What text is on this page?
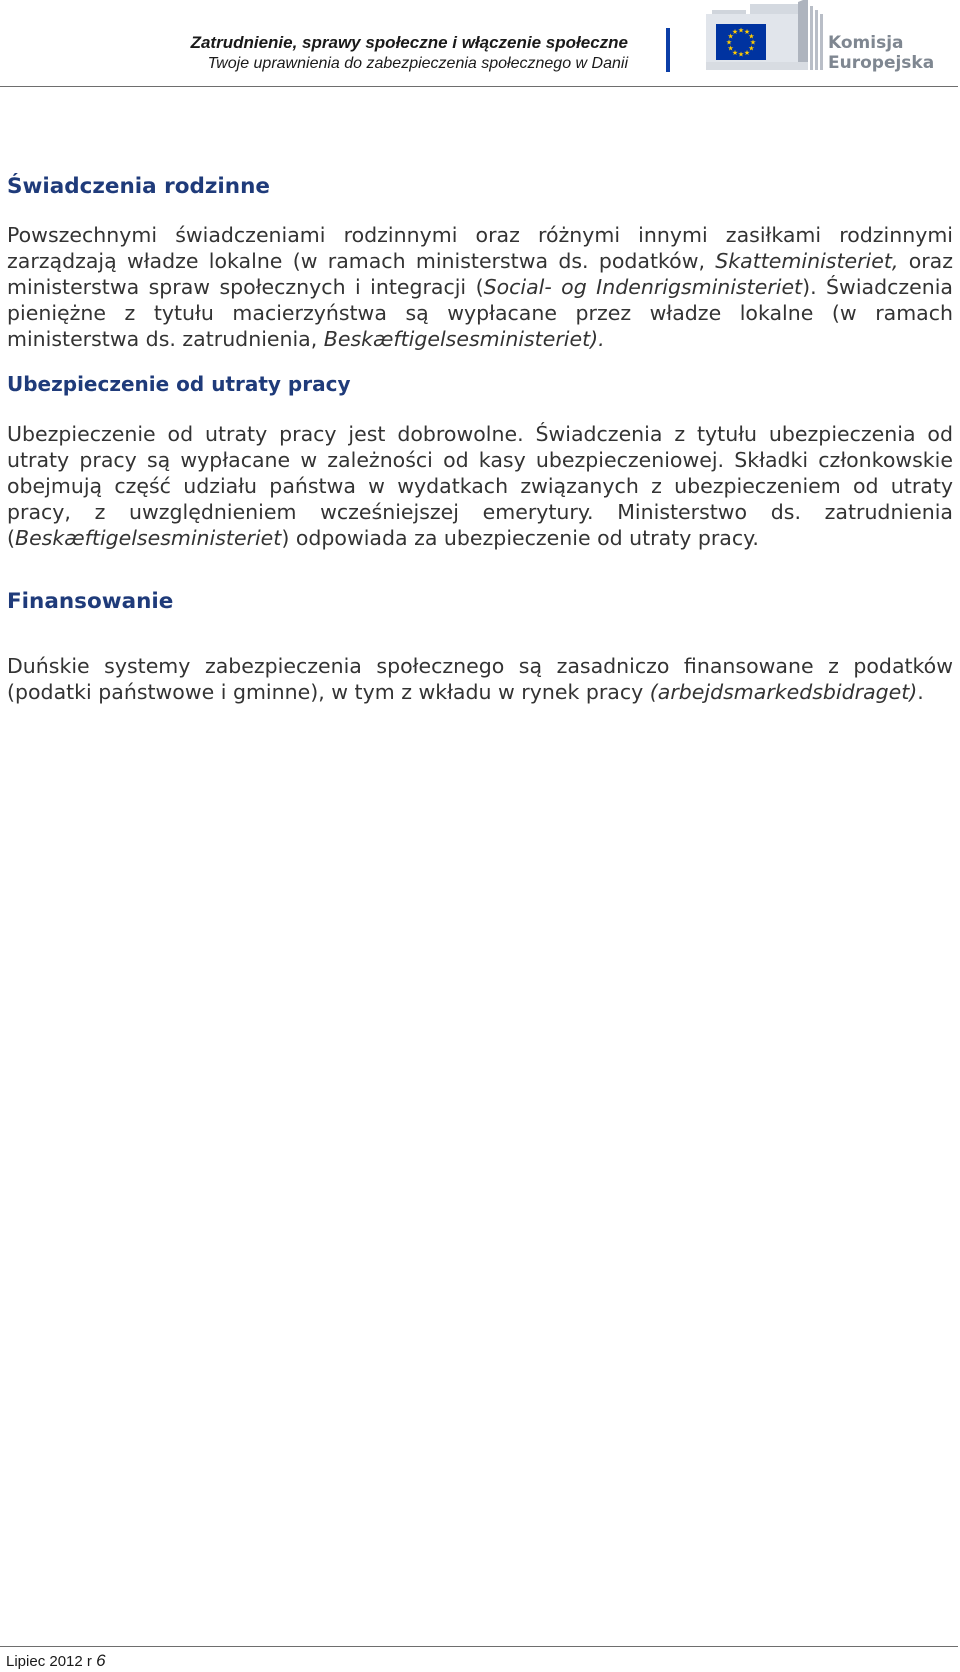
Zatrudnienie, sprawy społeczne i włączenie społeczne
Twoje uprawnienia do zabezpieczenia społecznego w Danii
★ ★
★
★
★
★
★
★
★
★
★
★
Komisja
Europejska
Świadczenia rodzinne

Powszechnymi świadczeniami rodzinnymi oraz różnymi innymi zasiłkami rodzinnymi zarządzają władze lokalne (w ramach ministerstwa ds. podatków, Skatteministeriet, oraz ministerstwa spraw społecznych i integracji (Social- og Indenrigsministeriet). Świadczenia pieniężne z tytułu macierzyństwa są wypłacane przez władze lokalne (w ramach ministerstwa ds. zatrudnienia, Beskæftigelsesministeriet).

Ubezpieczenie od utraty pracy

Ubezpieczenie od utraty pracy jest dobrowolne. Świadczenia z tytułu ubezpieczenia od utraty pracy są wypłacane w zależności od kasy ubezpieczeniowej. Składki członkowskie obejmują część udziału państwa w wydatkach związanych z ubezpieczeniem od utraty pracy, z uwzględnieniem wcześniejszej emerytury. Ministerstwo ds. zatrudnienia (Beskæftigelsesministeriet) odpowiada za ubezpieczenie od utraty pracy.

Finansowanie

Duńskie systemy zabezpieczenia społecznego są zasadniczo finansowane z podatków (podatki państwowe i gminne), w tym z wkładu w rynek pracy (arbejdsmarkedsbidraget).

Lipiec 2012 r 6
